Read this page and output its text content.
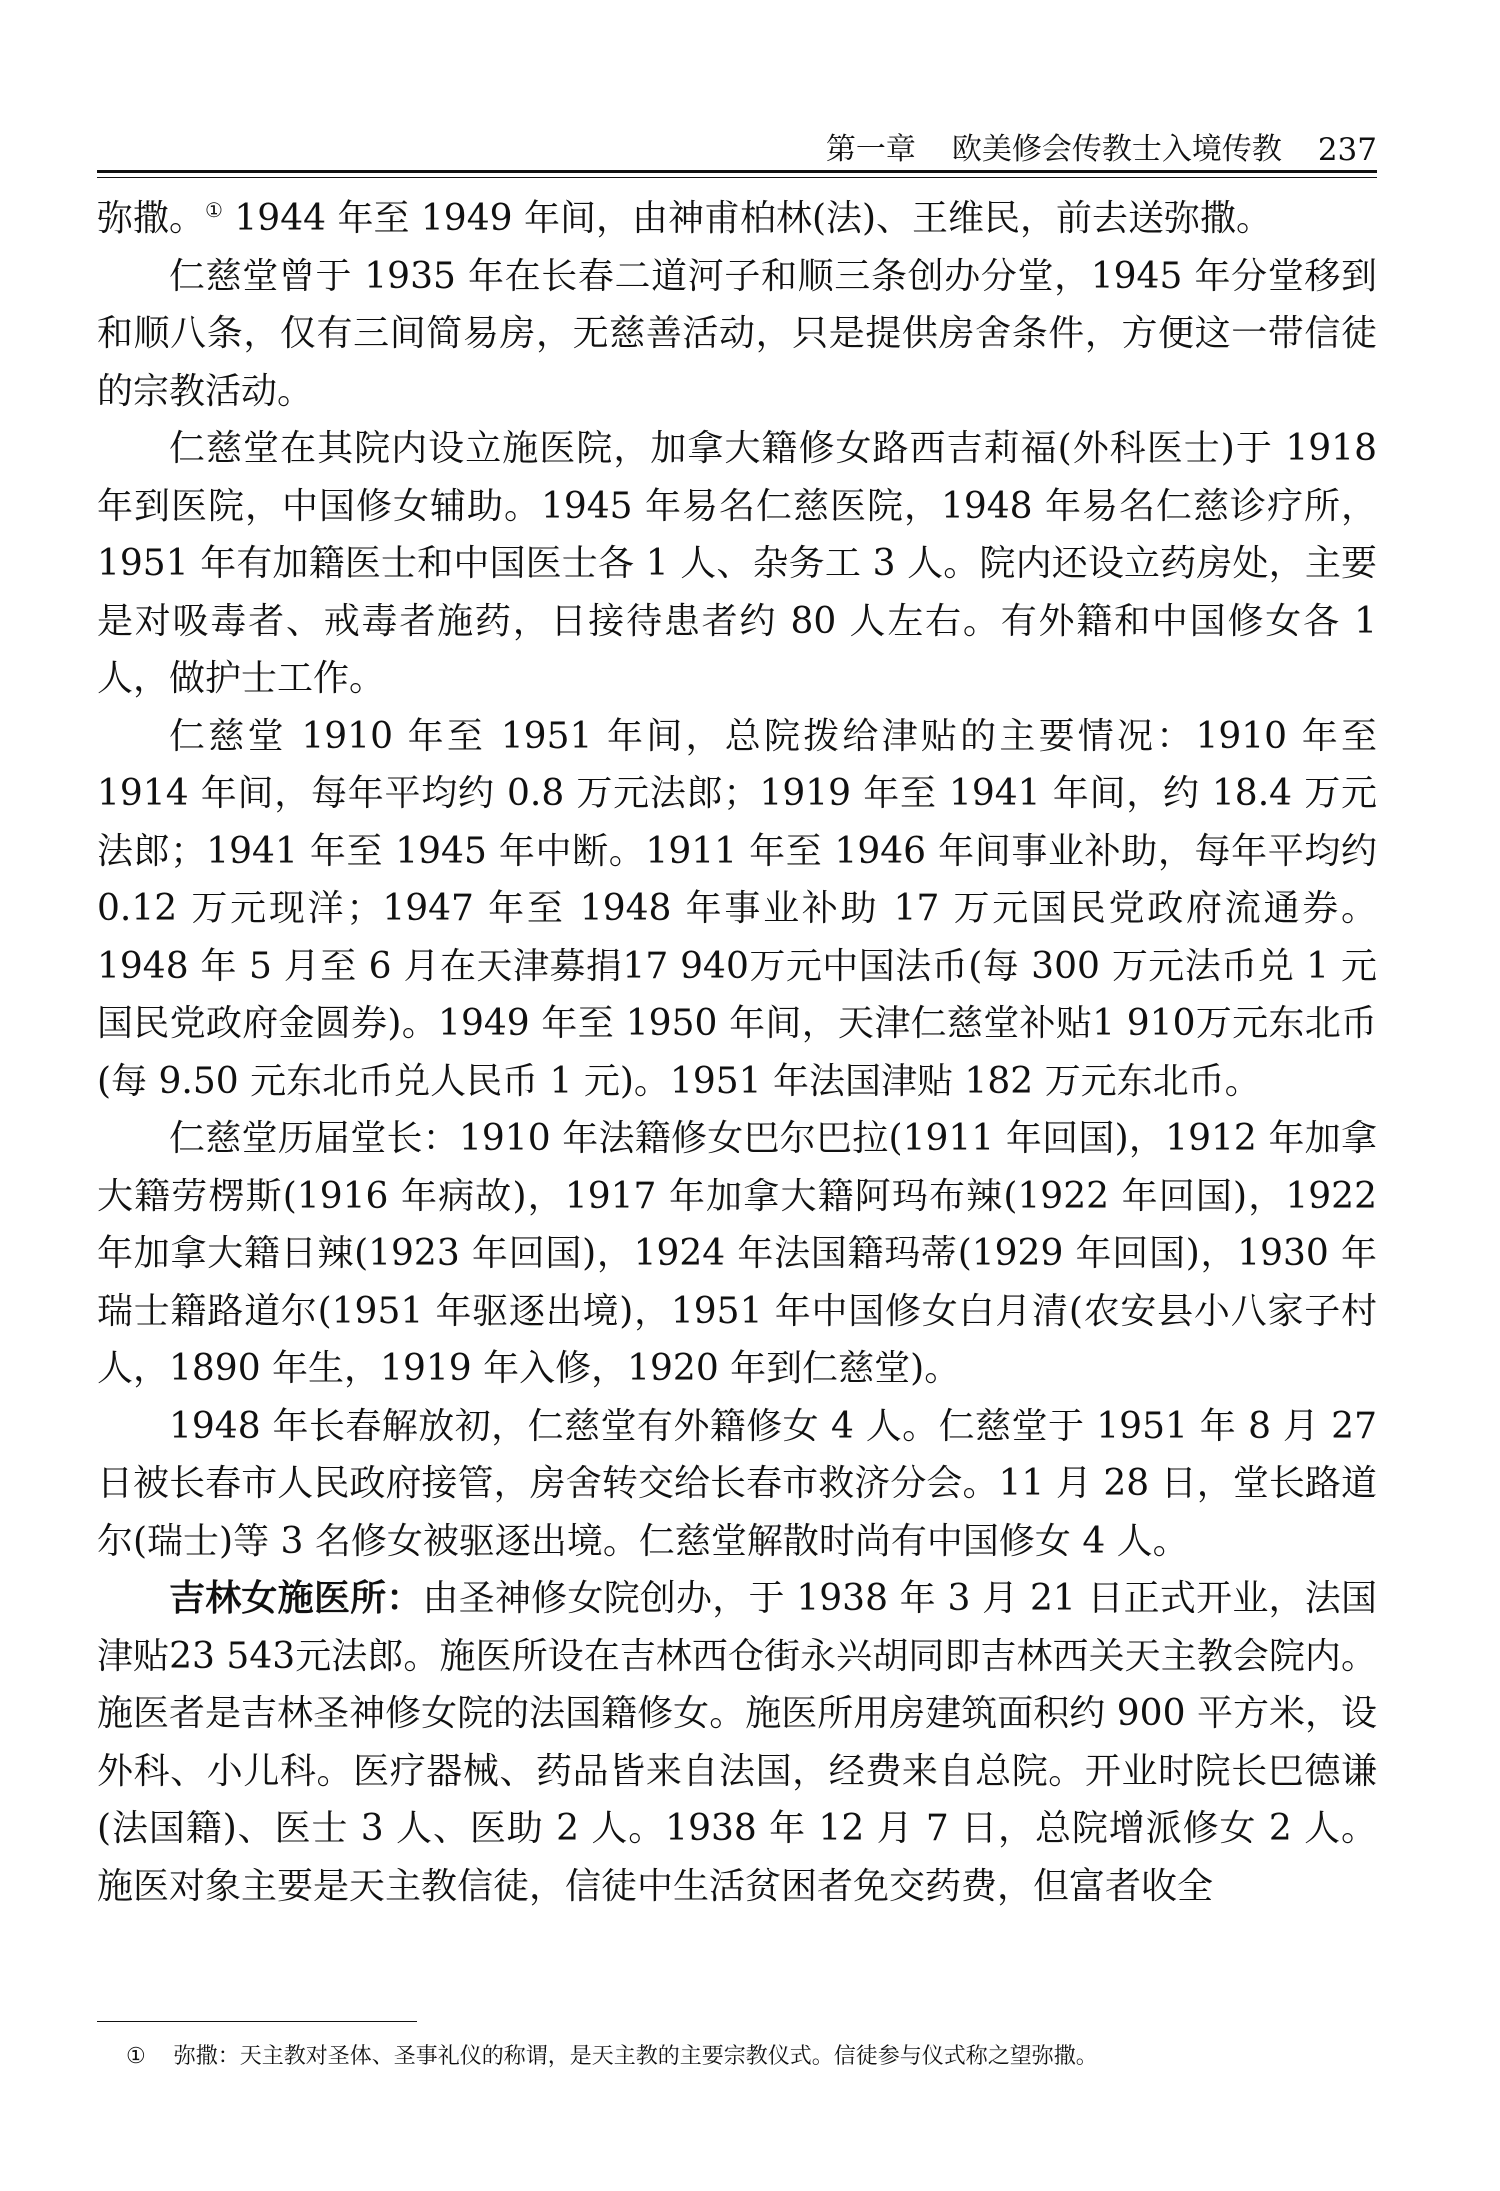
第一章 欧美修会传教士入境传教 237

弥撒。① 1944 年至 1949 年间，由神甫柏林(法)、王维民，前去送弥撒。

仁慈堂曾于 1935 年在长春二道河子和顺三条创办分堂，1945 年分堂移到和顺八条，仅有三间简易房，无慈善活动，只是提供房舍条件，方便这一带信徒的宗教活动。

仁慈堂在其院内设立施医院，加拿大籍修女路西吉莉福(外科医士)于 1918 年到医院，中国修女辅助。1945 年易名仁慈医院，1948 年易名仁慈诊疗所，1951 年有加籍医士和中国医士各 1 人、杂务工 3 人。院内还设立药房处，主要是对吸毒者、戒毒者施药，日接待患者约 80 人左右。有外籍和中国修女各 1 人，做护士工作。

仁慈堂 1910 年至 1951 年间，总院拨给津贴的主要情况：1910 年至 1914 年间，每年平均约 0.8 万元法郎；1919 年至 1941 年间，约 18.4 万元法郎；1941 年至 1945 年中断。1911 年至 1946 年间事业补助，每年平均约 0.12 万元现洋；1947 年至 1948 年事业补助 17 万元国民党政府流通券。1948 年 5 月至 6 月在天津募捐17 940万元中国法币(每 300 万元法币兑 1 元国民党政府金圆券)。1949 年至 1950 年间，天津仁慈堂补贴1 910万元东北币(每 9.50 元东北币兑人民币 1 元)。1951 年法国津贴 182 万元东北币。

仁慈堂历届堂长：1910 年法籍修女巴尔巴拉(1911 年回国)，1912 年加拿大籍劳楞斯(1916 年病故)，1917 年加拿大籍阿玛布辣(1922 年回国)，1922 年加拿大籍日辣(1923 年回国)，1924 年法国籍玛蒂(1929 年回国)，1930 年瑞士籍路道尔(1951 年驱逐出境)，1951 年中国修女白月清(农安县小八家子村人，1890 年生，1919 年入修，1920 年到仁慈堂)。

1948 年长春解放初，仁慈堂有外籍修女 4 人。仁慈堂于 1951 年 8 月 27 日被长春市人民政府接管，房舍转交给长春市救济分会。11 月 28 日，堂长路道尔(瑞士)等 3 名修女被驱逐出境。仁慈堂解散时尚有中国修女 4 人。

吉林女施医所：由圣神修女院创办，于 1938 年 3 月 21 日正式开业，法国津贴23 543元法郎。施医所设在吉林西仓街永兴胡同即吉林西关天主教会院内。施医者是吉林圣神修女院的法国籍修女。施医所用房建筑面积约 900 平方米，设外科、小儿科。医疗器械、药品皆来自法国，经费来自总院。开业时院长巴德谦(法国籍)、医士 3 人、医助 2 人。1938 年 12 月 7 日，总院增派修女 2 人。施医对象主要是天主教信徒，信徒中生活贫困者免交药费，但富者收全

① 弥撒：天主教对圣体、圣事礼仪的称谓，是天主教的主要宗教仪式。信徒参与仪式称之望弥撒。
